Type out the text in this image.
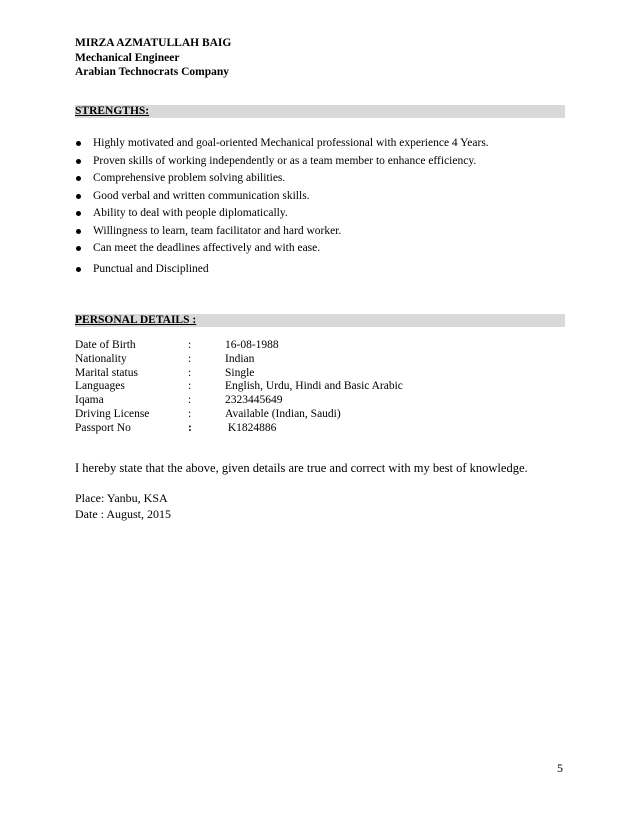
MIRZA AZMATULLAH BAIG
Mechanical Engineer
Arabian Technocrats Company
STRENGTHS:
Highly motivated and goal-oriented Mechanical professional with experience 4 Years.
Proven skills of working independently or as a team member to enhance efficiency.
Comprehensive problem solving abilities.
Good verbal and written communication skills.
Ability to deal with people diplomatically.
Willingness to learn, team facilitator and hard worker.
Can meet the deadlines affectively and with ease.
Punctual and Disciplined
PERSONAL DETAILS :
Date of Birth	:	16-08-1988
Nationality	:	Indian
Marital status	:	Single
Languages	:	English, Urdu, Hindi and Basic Arabic
Iqama	:	2323445649
Driving License	:	Available (Indian, Saudi)
Passport No	:	K1824886
I hereby state that the above, given details are true and correct with my best of knowledge.
Place: Yanbu, KSA
Date : August, 2015
5
